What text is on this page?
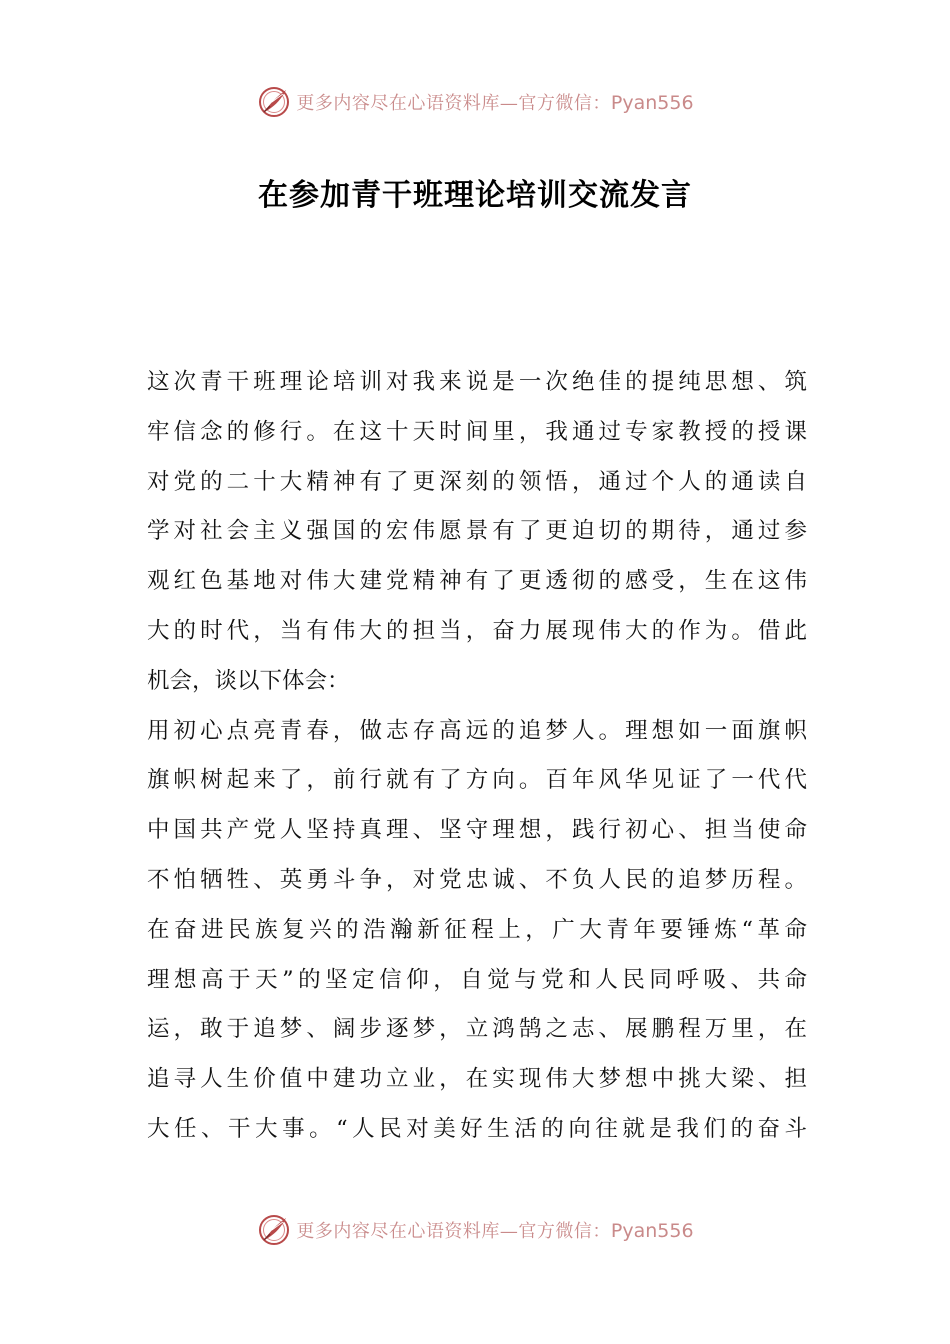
更多内容尽在心语资料库—官方微信：Pyan556
在参加青干班理论培训交流发言
这次青干班理论培训对我来说是一次绝佳的提纯思想、筑
牢信念的修行。在这十天时间里，我通过专家教授的授课
对党的二十大精神有了更深刻的领悟，通过个人的通读自
学对社会主义强国的宏伟愿景有了更迫切的期待，通过参
观红色基地对伟大建党精神有了更透彻的感受，生在这伟
大的时代，当有伟大的担当，奋力展现伟大的作为。借此
机会，谈以下体会：
用初心点亮青春，做志存高远的追梦人。理想如一面旗帜
旗帜树起来了，前行就有了方向。百年风华见证了一代代
中国共产党人坚持真理、坚守理想，践行初心、担当使命
不怕牺牲、英勇斗争，对党忠诚、不负人民的追梦历程。
在奋进民族复兴的浩瀚新征程上，广大青年要锤炼“革命
理想高于天”的坚定信仰，自觉与党和人民同呼吸、共命
运，敢于追梦、阔步逐梦，立鸿鹄之志、展鹏程万里，在
追寻人生价值中建功立业，在实现伟大梦想中挑大梁、担
大任、干大事。“人民对美好生活的向往就是我们的奋斗
更多内容尽在心语资料库—官方微信：Pyan556
